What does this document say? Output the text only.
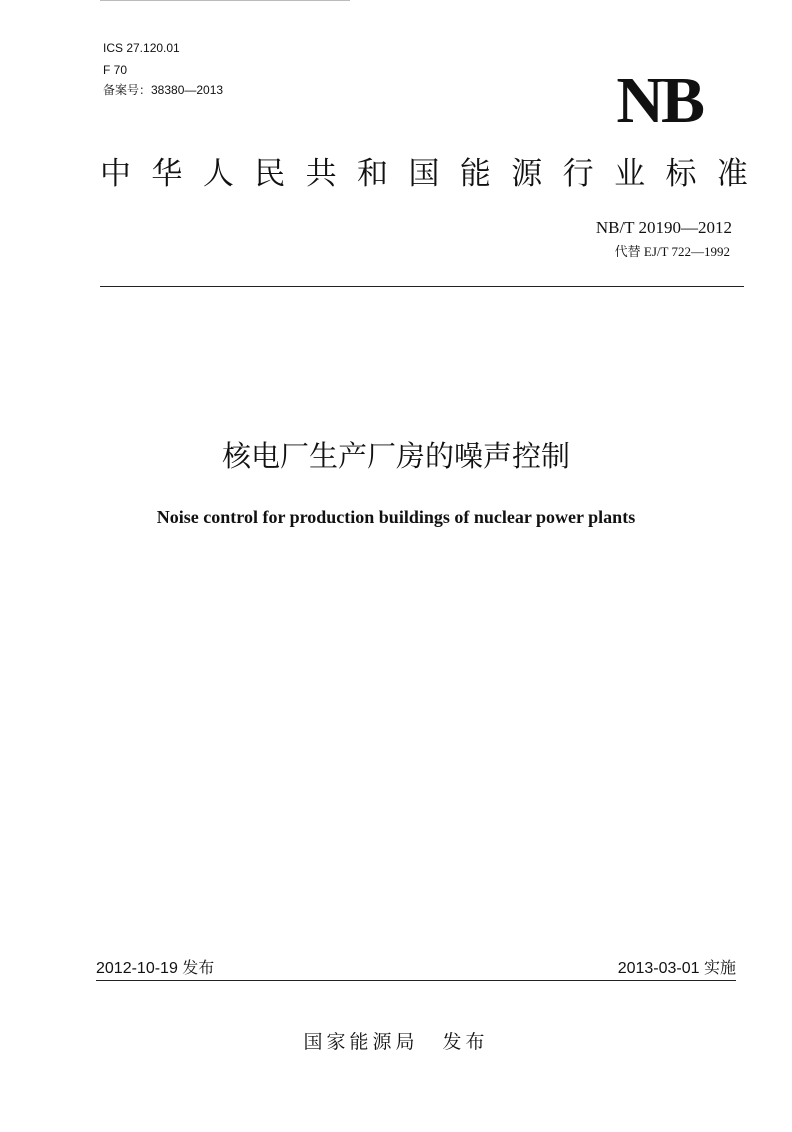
ICS 27.120.01
F 70
备案号：38380—2013	NB
中 华 人 民 共 和 国 能 源 行 业 标 准
NB/T 20190—2012
代替 EJ/T 722—1992
核电厂生产厂房的噪声控制
Noise control for production buildings of nuclear power plants
2012-10-19 发布	2013-03-01 实施
国家能源局 发布
